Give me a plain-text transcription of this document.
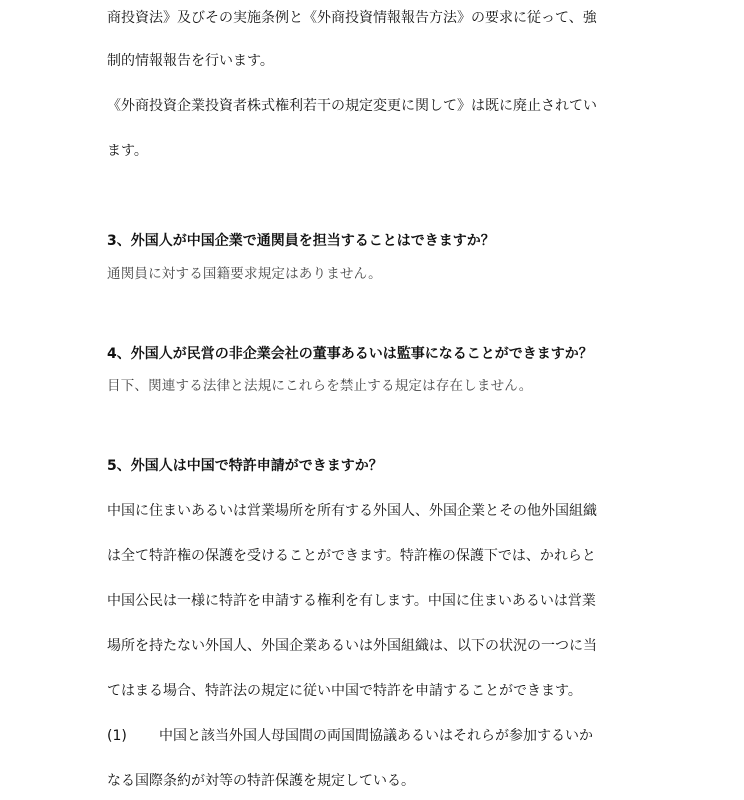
商投資法》及びその実施条例と《外商投資情報報告方法》の要求に従って、強
制的情報報告を行います。
《外商投資企業投資者株式権利若干の規定変更に関して》は既に廃止されてい
ます。
3、外国人が中国企業で通関員を担当することはできますか？
通関員に対する国籍要求規定はありません。
4、外国人が民営の非企業会社の董事あるいは監事になることができますか？
目下、関連する法律と法規にこれらを禁止する規定は存在しません。
5、外国人は中国で特許申請ができますか？
中国に住まいあるいは営業場所を所有する外国人、外国企業とその他外国組織
は全て特許権の保護を受けることができます。特許権の保護下では、かれらと
中国公民は一様に特許を申請する権利を有します。中国に住まいあるいは営業
場所を持たない外国人、外国企業あるいは外国組織は、以下の状況の一つに当
てはまる場合、特許法の規定に従い中国で特許を申請することができます。
(1) 中国と該当外国人母国間の両国間協議あるいはそれらが参加するいか
なる国際条約が対等の特許保護を規定している。
